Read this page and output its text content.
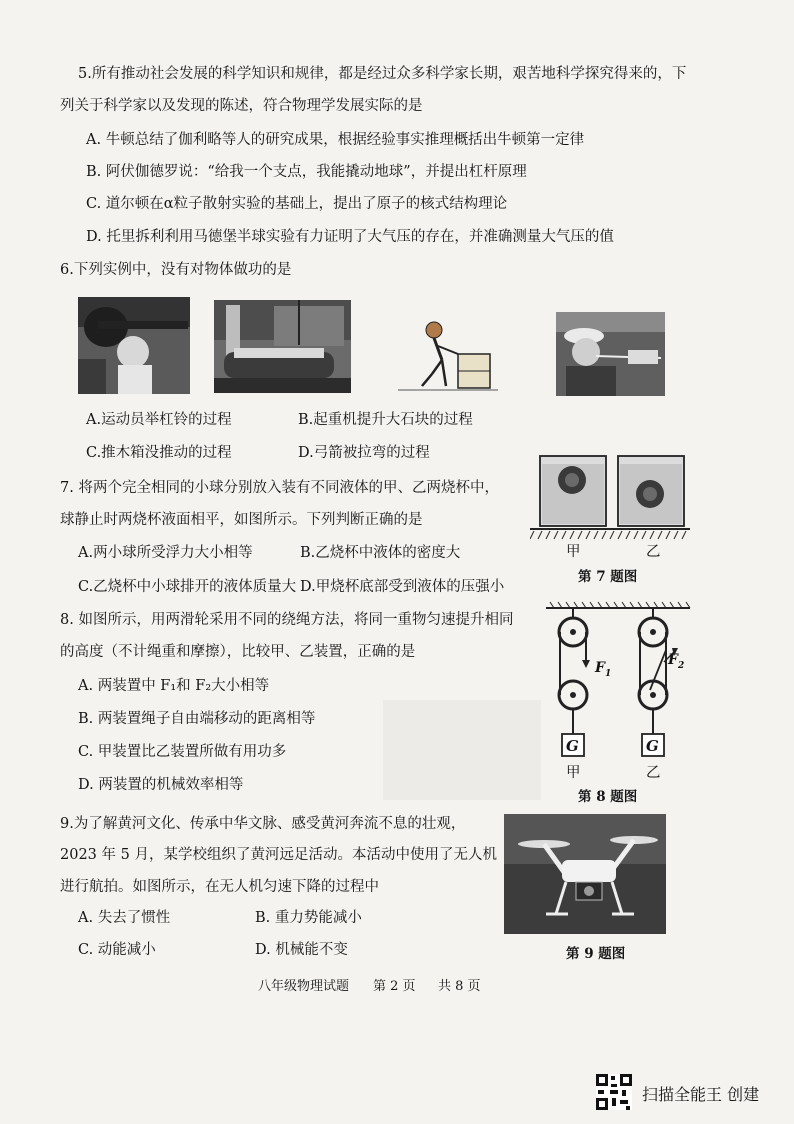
5.所有推动社会发展的科学知识和规律，都是经过众多科学家长期，艰苦地科学探究得来的，下
列关于科学家以及发现的陈述，符合物理学发展实际的是
A. 牛顿总结了伽利略等人的研究成果，根据经验事实推理概括出牛顿第一定律
B. 阿伏伽德罗说：“给我一个支点，我能撬动地球”，并提出杠杆原理
C. 道尔顿在α粒子散射实验的基础上，提出了原子的核式结构理论
D. 托里拆利利用马德堡半球实验有力证明了大气压的存在，并准确测量大气压的值
6.下列实例中，没有对物体做功的是
A.运动员举杠铃的过程	B.起重机提升大石块的过程
C.推木箱没推动的过程	D.弓箭被拉弯的过程
7. 将两个完全相同的小球分别放入装有不同液体的甲、乙两烧杯中，
球静止时两烧杯液面相平，如图所示。下列判断正确的是
A.两小球所受浮力大小相等	B.乙烧杯中液体的密度大
C.乙烧杯中小球排开的液体质量大 D.甲烧杯底部受到液体的压强小
甲	乙
第 7 题图
8. 如图所示，用两滑轮采用不同的绕绳方法，将同一重物匀速提升相同
的高度（不计绳重和摩擦），比较甲、乙装置，正确的是
A. 两装置中 F₁和 F₂大小相等
B. 两装置绳子自由端移动的距离相等
C. 甲装置比乙装置所做有用功多
D. 两装置的机械效率相等
$F_1$
$F_2$
G	G
甲	乙
第 8 题图
9.为了解黄河文化、传承中华文脉、感受黄河奔流不息的壮观，
2023 年 5 月，某学校组织了黄河远足活动。本活动中使用了无人机
进行航拍。如图所示，在无人机匀速下降的过程中
A. 失去了惯性	B. 重力势能减小
C. 动能减小	D. 机械能不变	第 9 题图
八年级物理试题 第 2 页 共 8 页
扫描全能王 创建
